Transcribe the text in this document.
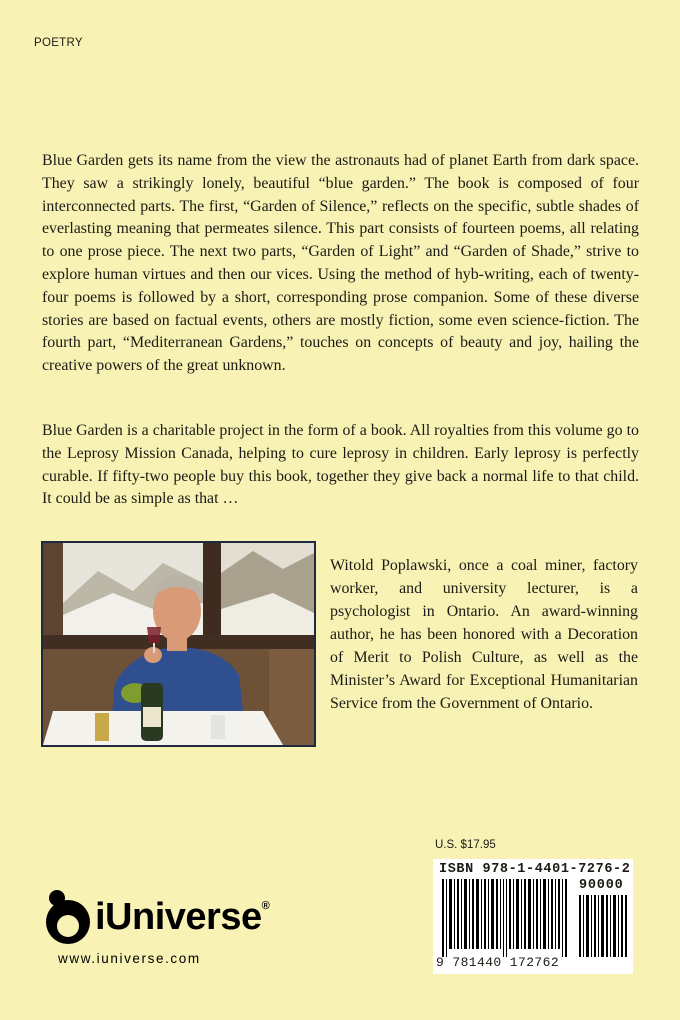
POETRY

Blue Garden gets its name from the view the astronauts had of planet Earth from dark space. They saw a strikingly lonely, beautiful “blue garden.” The book is composed of four interconnected parts. The first, “Garden of Silence,” reflects on the specific, subtle shades of everlasting meaning that permeates silence. This part consists of fourteen poems, all relating to one prose piece. The next two parts, “Garden of Light” and “Garden of Shade,” strive to explore human virtues and then our vices. Using the method of hyb-writing, each of twenty-four poems is followed by a short, corresponding prose companion. Some of these diverse stories are based on factual events, others are mostly fiction, some even science-fiction. The fourth part, “Mediterranean Gardens,” touches on concepts of beauty and joy, hailing the creative powers of the great unknown.

Blue Garden is a charitable project in the form of a book. All royalties from this volume go to the Leprosy Mission Canada, helping to cure leprosy in children. Early leprosy is perfectly curable. If fifty-two people buy this book, together they give back a normal life to that child. It could be as simple as that …

Witold Poplawski, once a coal miner, factory worker, and university lecturer, is a psychologist in Ontario. An award-winning author, he has been honored with a Decoration of Merit to Polish Culture, as well as the Minister’s Award for Exceptional Humanitarian Service from the Government of Ontario.

U.S. $17.95
ISBN 978-1-4401-7276-2
90000
9 781440 172762
iUniverse®
www.iuniverse.com
